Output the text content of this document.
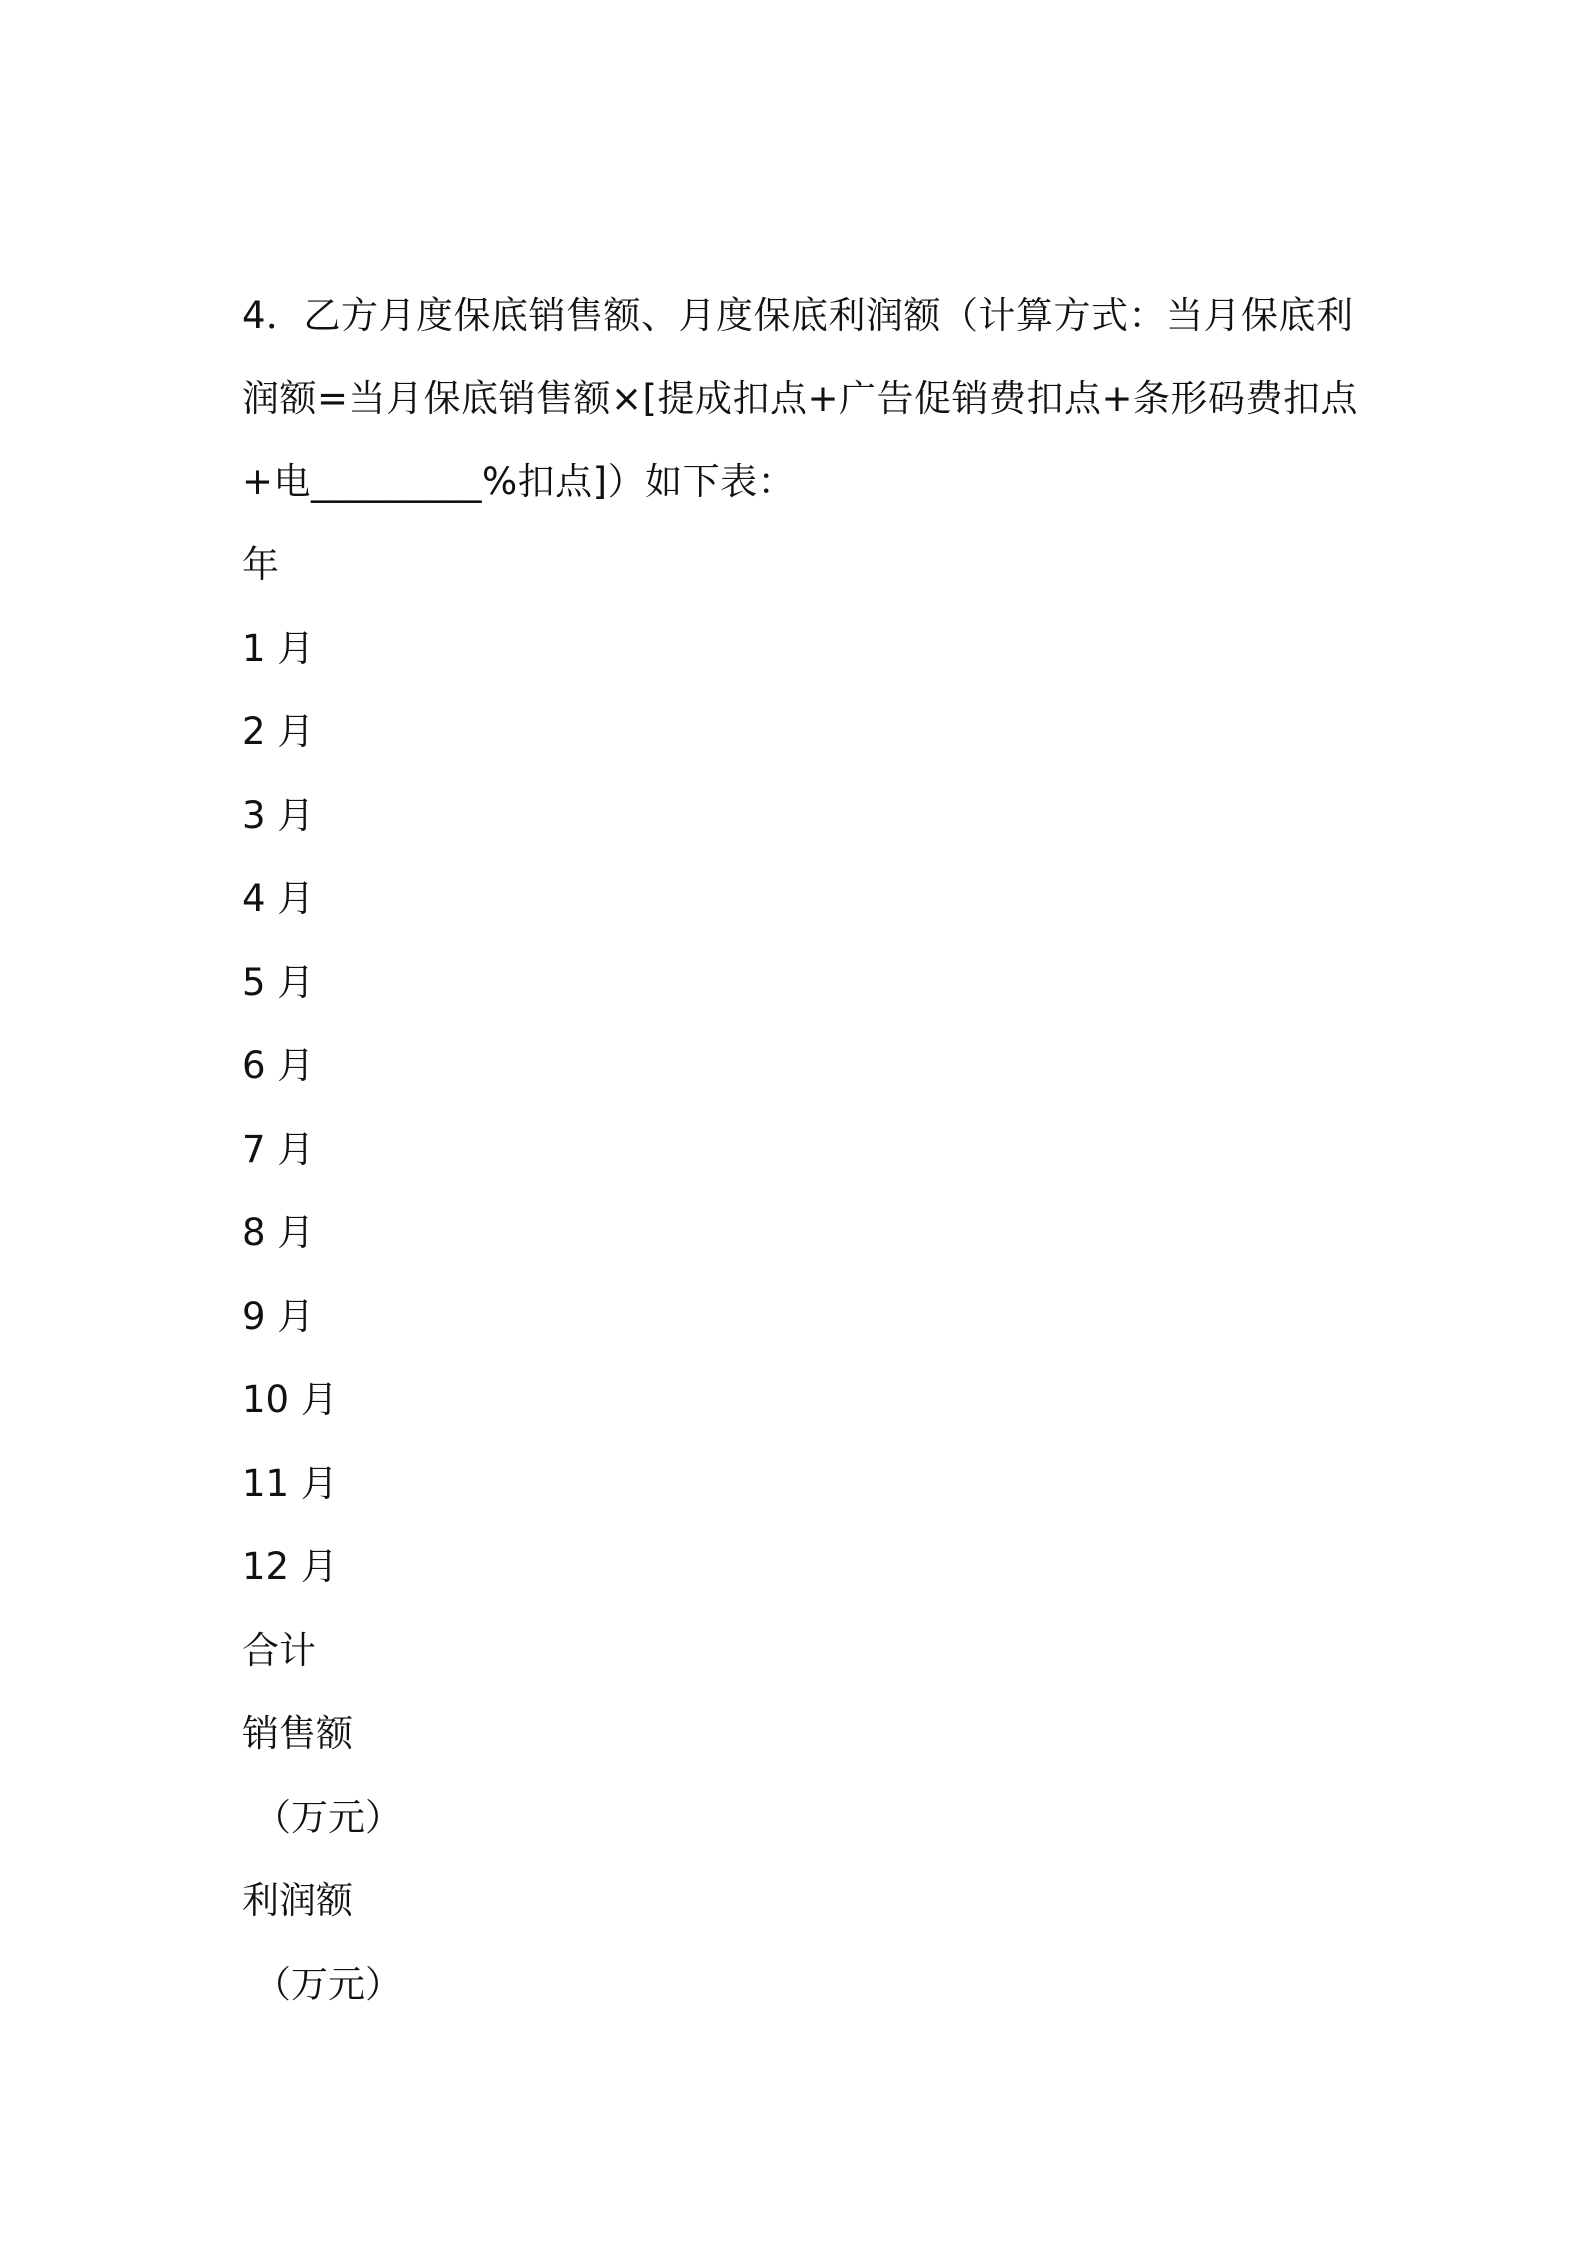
4．乙方月度保底销售额、月度保底利润额（计算方式：当月保底利润额=当月保底销售额×[提成扣点+广告促销费扣点+条形码费扣点+电_________%扣点]）如下表：

年

1 月

2 月

3 月

4 月

5 月

6 月

7 月

8 月

9 月

10 月

11 月

12 月

合计

销售额

（万元）

利润额

（万元）
